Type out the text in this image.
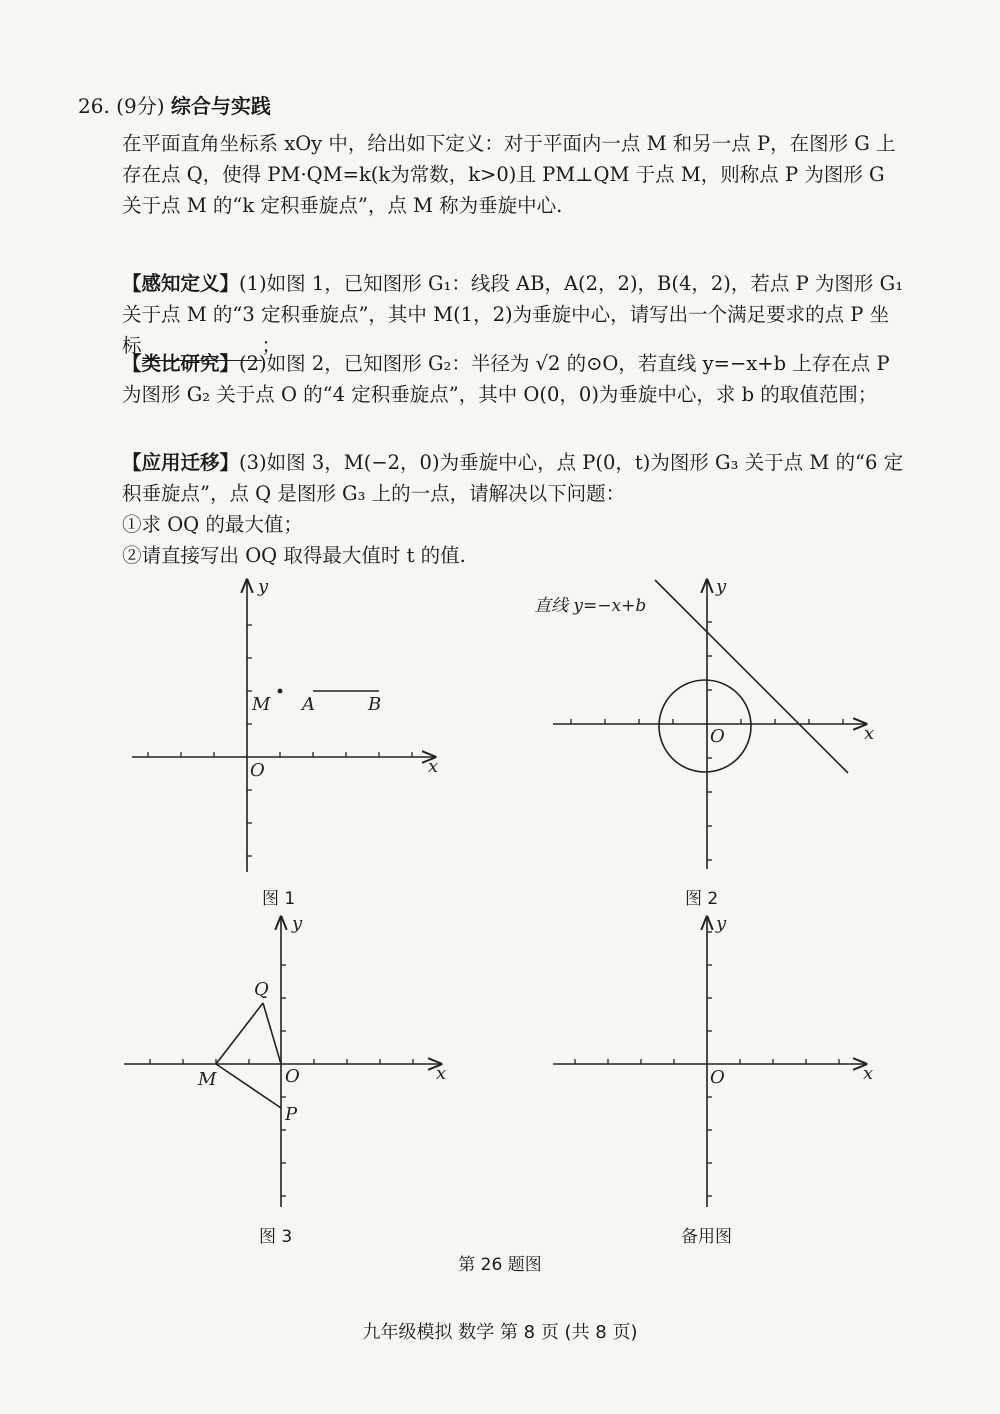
26. (9分) 综合与实践
在平面直角坐标系 xOy 中，给出如下定义：对于平面内一点 M 和另一点 P，在图形 G 上存在点 Q，使得 PM·QM=k(k为常数，k>0)且 PM⊥QM 于点 M，则称点 P 为图形 G 关于点 M 的“k 定积垂旋点”，点 M 称为垂旋中心.
【感知定义】(1)如图 1，已知图形 G₁：线段 AB，A(2，2)，B(4，2)，若点 P 为图形 G₁ 关于点 M 的“3 定积垂旋点”，其中 M(1，2)为垂旋中心，请写出一个满足要求的点 P 坐标	；
【类比研究】(2)如图 2，已知图形 G₂：半径为 √2 的⊙O，若直线 y=−x+b 上存在点 P 为图形 G₂ 关于点 O 的“4 定积垂旋点”，其中 O(0，0)为垂旋中心，求 b 的取值范围；
【应用迁移】(3)如图 3，M(−2，0)为垂旋中心，点 P(0，t)为图形 G₃ 关于点 M 的“6 定积垂旋点”，点 Q 是图形 G₃ 上的一点，请解决以下问题：
①求 OQ 的最大值；
②请直接写出 OQ 取得最大值时 t 的值.
y
x
O
M A	B
直线 y=−x+b
y
x
O
y
x
O
M
Q
P
y
x
O
图 1	图 2
图 3	备用图
第 26 题图
九年级模拟 数学 第 8 页 (共 8 页)
